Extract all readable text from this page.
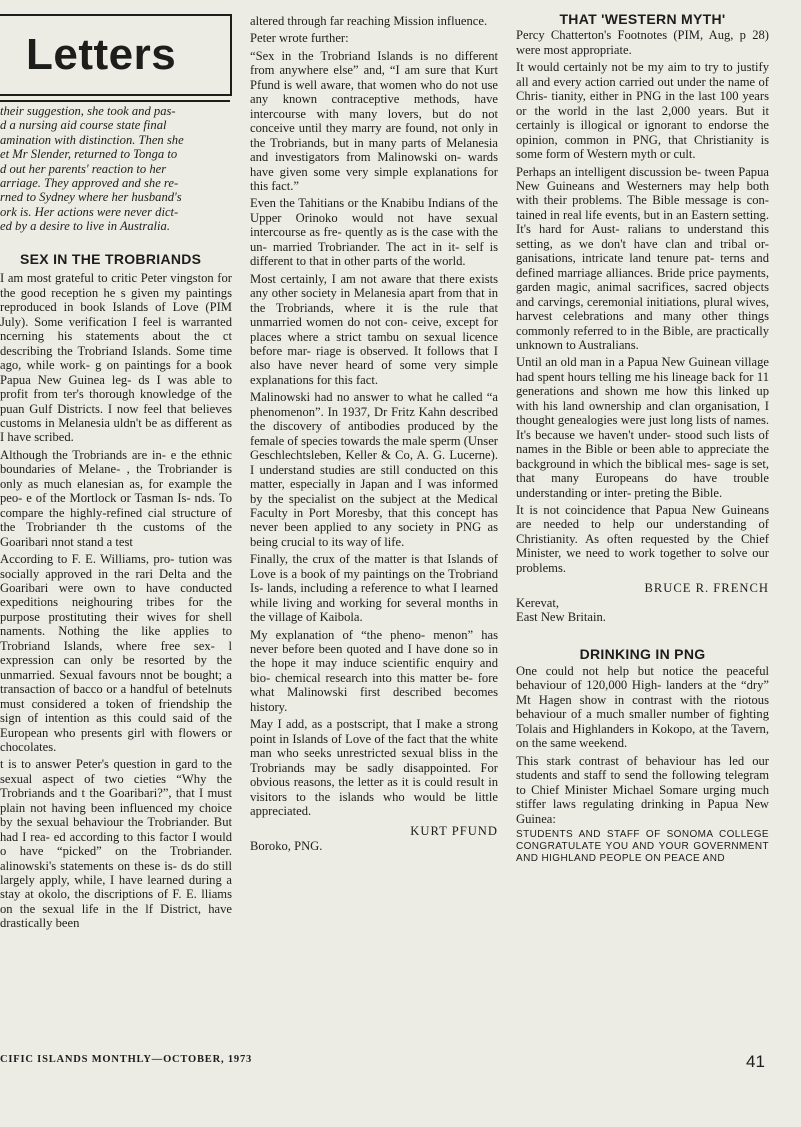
Letters
their suggestion, she took and pas-
d a nursing aid course state final
amination with distinction. Then she
et Mr Slender, returned to Tonga to
d out her parents' reaction to her
arriage. They approved and she re-
rned to Sydney where her husband's
ork is. Her actions were never dict-
ed by a desire to live in Australia.
SEX IN THE TROBRIANDS

I am most grateful to critic Peter vingston for the good reception he s given my paintings reproduced in book Islands of Love (PIM July). Some verification I feel is warranted ncerning his statements about the ct describing the Trobriand Islands. Some time ago, while work- g on paintings for a book Papua New Guinea leg- ds I was able to profit from ter's thorough knowledge of the puan Gulf Districts. I now feel that believes customs in Melanesia uldn't be as different as I have scribed.

Although the Trobriands are in- e the ethnic boundaries of Melane- , the Trobriander is only as much elanesian as, for example the peo- e of the Mortlock or Tasman Is- nds. To compare the highly-refined cial structure of the Trobriander th the customs of the Goaribari nnot stand a test

According to F. E. Williams, pro- tution was socially approved in the rari Delta and the Goaribari were own to have conducted expeditions neighouring tribes for the purpose prostituting their wives for shell naments. Nothing the like applies to Trobriand Islands, where free sex- l expression can only be resorted by the unmarried. Sexual favours nnot be bought; a transaction of bacco or a handful of betelnuts must considered a token of friendship the sign of intention as this could said of the European who presents girl with flowers or chocolates.

t is to answer Peter's question in gard to the sexual aspect of two cieties “Why the Trobriands and t the Goaribari?”, that I must plain not having been influenced my choice by the sexual behaviour the Trobriander. But had I rea- ed according to this factor I would o have “picked” on the Trobriander. alinowski's statements on these is- ds do still largely apply, while, I have learned during a stay at okolo, the discriptions of F. E. lliams on the sexual life in the lf District, have drastically been

altered through far reaching Mission influence.

Peter wrote further:

“Sex in the Trobriand Islands is no different from anywhere else” and, “I am sure that Kurt Pfund is well aware, that women who do not use any known contraceptive methods, have intercourse with many lovers, but do not conceive until they marry are found, not only in the Trobriands, but in many parts of Melanesia and investigators from Malinowski on- wards have given some very simple explanations for this fact.”

Even the Tahitians or the Knabibu Indians of the Upper Orinoko would not have sexual intercourse as fre- quently as is the case with the un- married Trobriander. The act in it- self is different to that in other parts of the world.

Most certainly, I am not aware that there exists any other society in Melanesia apart from that in the Trobriands, where it is the rule that unmarried women do not con- ceive, except for places where a strict tambu on sexual licence before mar- riage is observed. It follows that I also have never heard of some very simple explanations for this fact.

Malinowski had no answer to what he called “a phenomenon”. In 1937, Dr Fritz Kahn described the discovery of antibodies produced by the female of species towards the male sperm (Unser Geschlechtsleben, Keller & Co, A. G. Lucerne). I understand studies are still conducted on this matter, especially in Japan and I was informed by the specialist on the subject at the Medical Faculty in Port Moresby, that this concept has never been applied to any society in PNG as being crucial to its way of life.

Finally, the crux of the matter is that Islands of Love is a book of my paintings on the Trobriand Is- lands, including a reference to what I learned while living and working for several months in the village of Kaibola.

My explanation of “the pheno- menon” has never before been quoted and I have done so in the hope it may induce scientific enquiry and bio- chemical research into this matter be- fore what Malinowski first described becomes history.

May I add, as a postscript, that I make a strong point in Islands of Love of the fact that the white man who seeks unrestricted sexual bliss in the Trobriands may be sadly disappointed. For obvious reasons, the letter as it is could result in visitors to the islands who would be little appreciated.

KURT PFUND
Boroko, PNG.
THAT 'WESTERN MYTH'

Percy Chatterton's Footnotes (PIM, Aug, p 28) were most appropriate.

It would certainly not be my aim to try to justify all and every action carried out under the name of Chris- tianity, either in PNG in the last 100 years or the world in the last 2,000 years. But it certainly is illogical or ignorant to endorse the opinion, common in PNG, that Christianity is some form of Western myth or cult.

Perhaps an intelligent discussion be- tween Papua New Guineans and Westerners may help both with their problems. The Bible message is con- tained in real life events, but in an Eastern setting. It's hard for Aust- ralians to understand this setting, as we don't have clan and tribal or- ganisations, intricate land tenure pat- terns and defined marriage alliances. Bride price payments, garden magic, animal sacrifices, sacred objects and carvings, ceremonial initiations, plural wives, harvest celebrations and many other things commonly referred to in the Bible, are practically unknown to Australians.

Until an old man in a Papua New Guinean village had spent hours telling me his lineage back for 11 generations and shown me how this linked up with his land ownership and clan organisation, I thought genealogies were just long lists of names. It's because we haven't under- stood such lists of names in the Bible or been able to appreciate the background in which the biblical mes- sage is set, that many Europeans do have trouble understanding or inter- preting the Bible.

It is not coincidence that Papua New Guineans are needed to help our understanding of Christianity. As often requested by the Chief Minister, we need to work together to solve our problems.

BRUCE R. FRENCH
Kerevat,
East New Britain.
DRINKING IN PNG

One could not help but notice the peaceful behaviour of 120,000 High- landers at the “dry” Mt Hagen show in contrast with the riotous behaviour of a much smaller number of fighting Tolais and Highlanders in Kokopo, at the Tavern, on the same weekend.

This stark contrast of behaviour has led our students and staff to send the following telegram to Chief Minister Michael Somare urging much stiffer laws regulating drinking in Papua New Guinea:

STUDENTS AND STAFF OF SONOMA COLLEGE CONGRATULATE YOU AND YOUR GOVERNMENT AND HIGHLAND PEOPLE ON PEACE AND
CIFIC ISLANDS MONTHLY—OCTOBER, 1973	41
